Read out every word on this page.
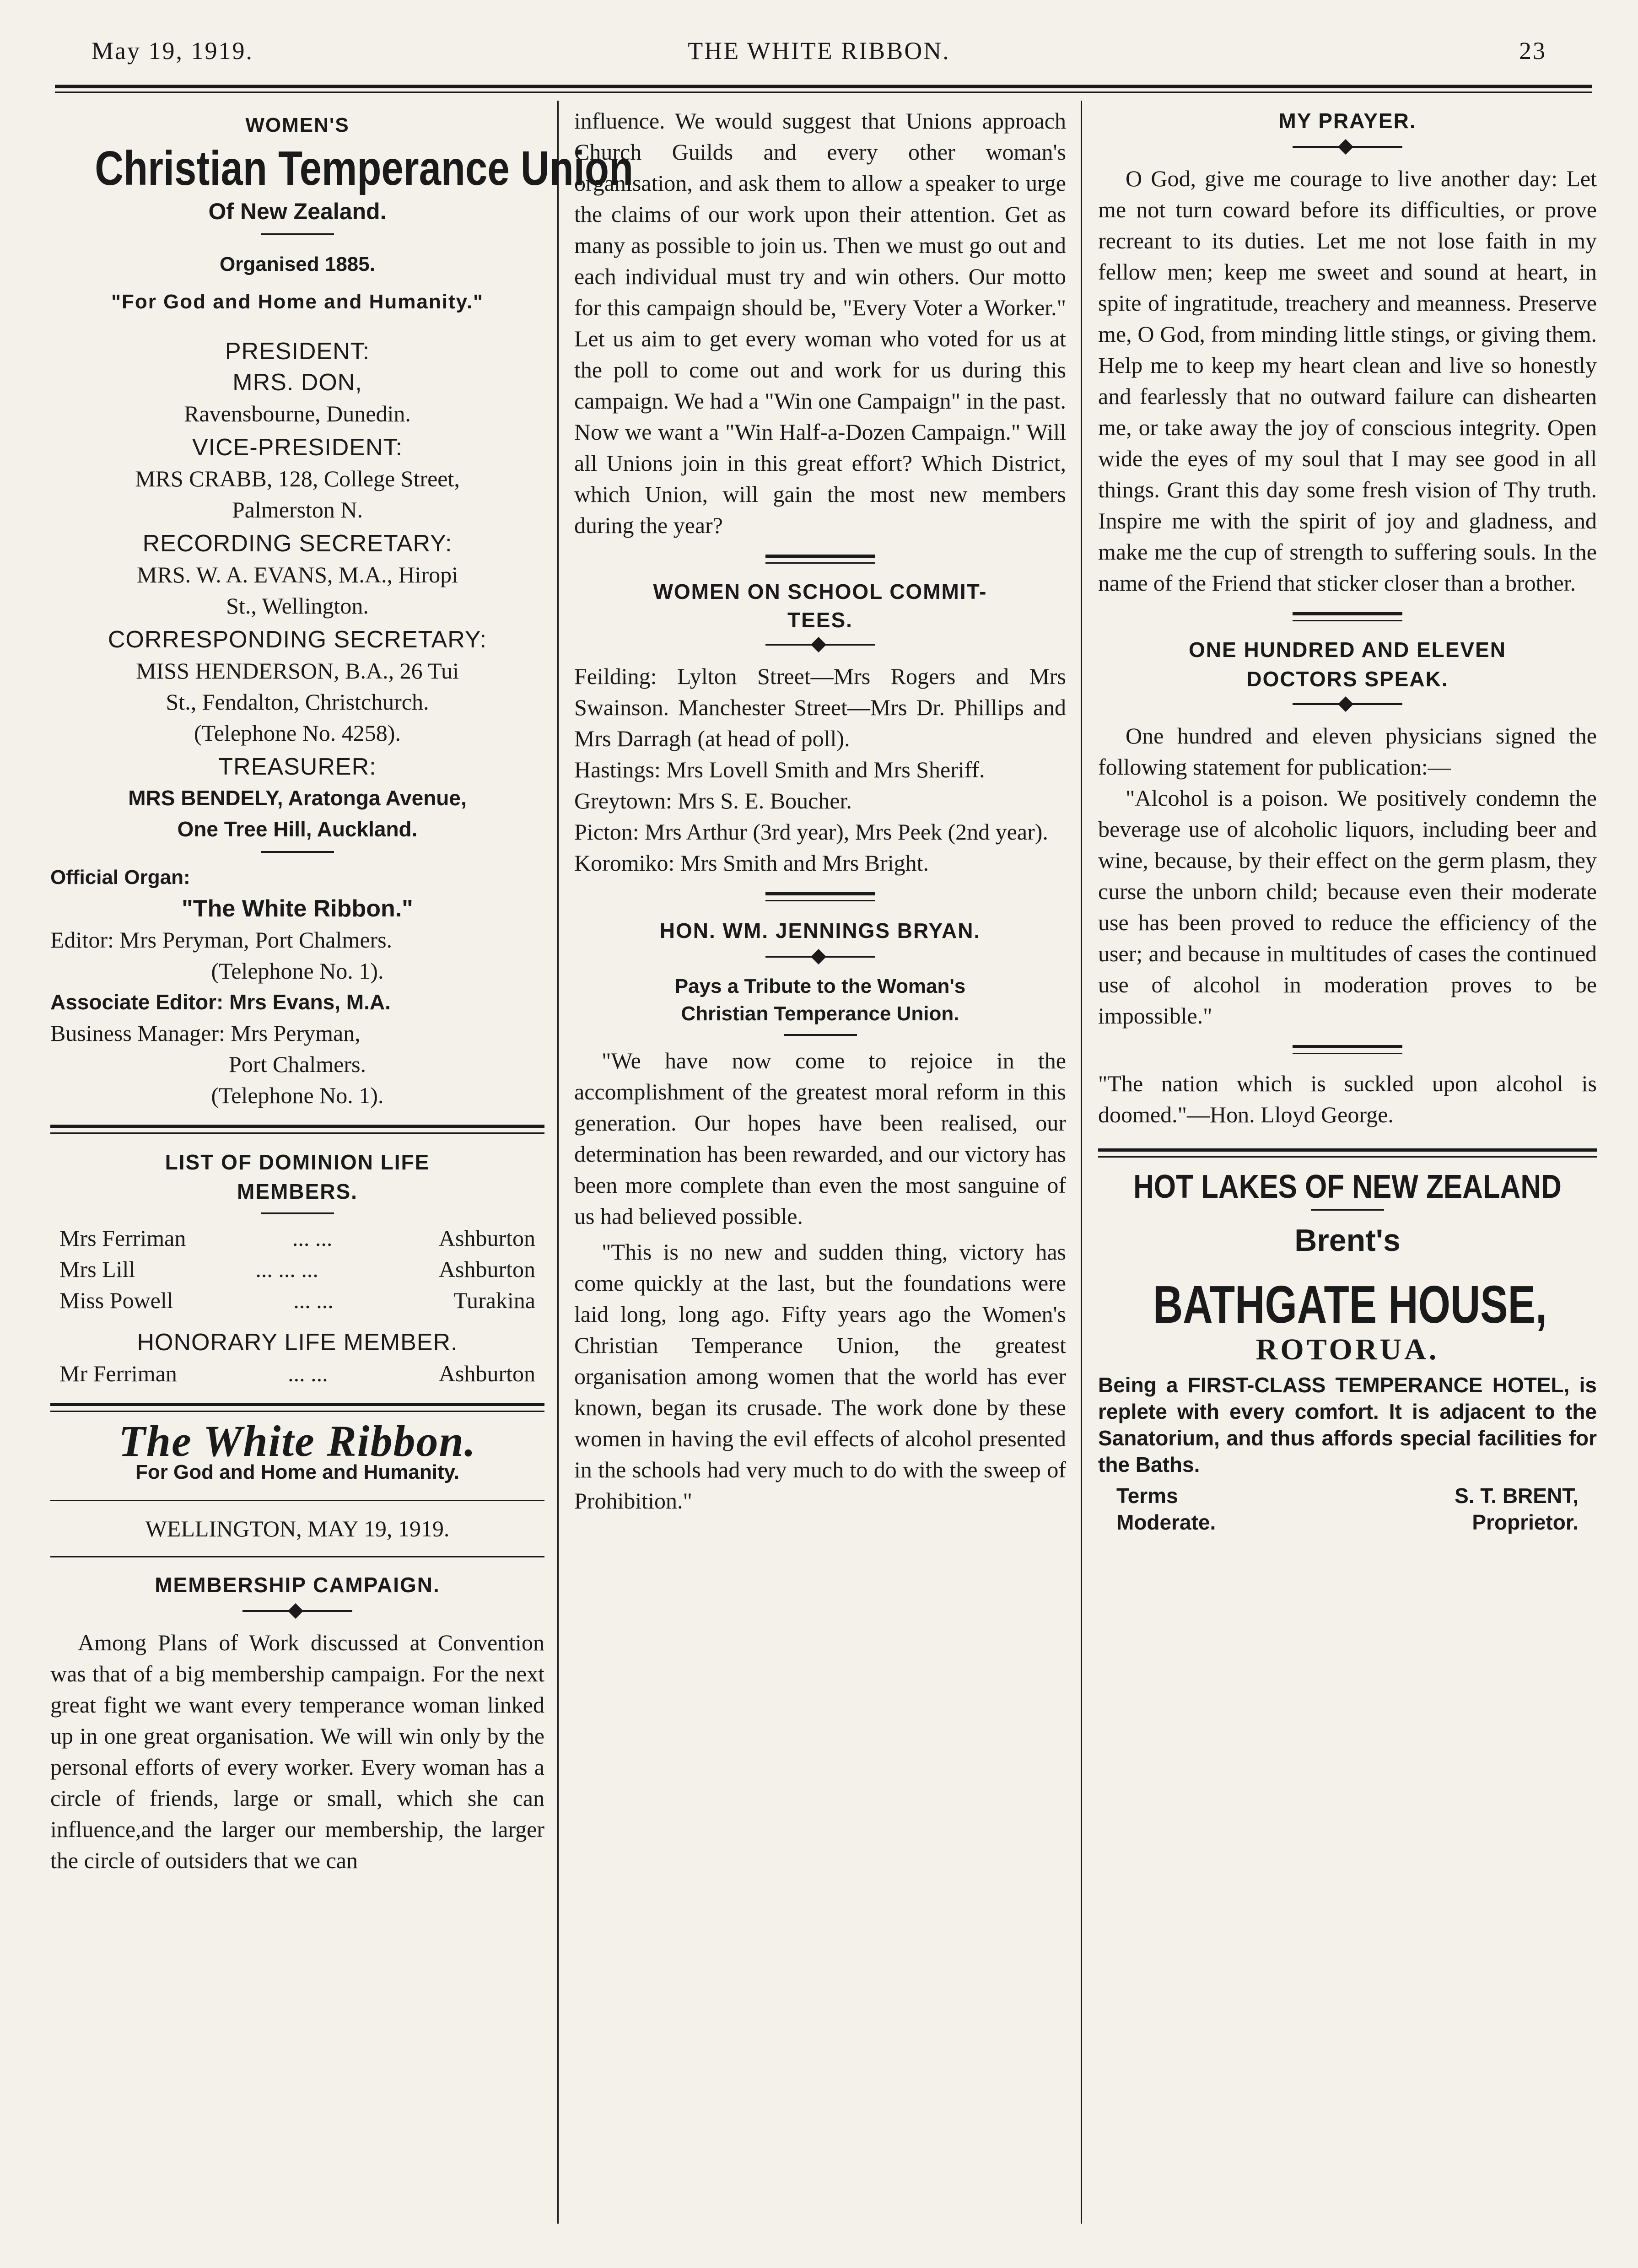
May 19, 1919.	THE WHITE RIBBON.	23
WOMEN'S
Christian Temperance Union
Of New Zealand.
Organised 1885.
"For God and Home and Humanity."
PRESIDENT:
MRS. DON,
Ravensbourne, Dunedin.
VICE-PRESIDENT:
MRS CRABB, 128, College Street,
Palmerston N.
RECORDING SECRETARY:
MRS. W. A. EVANS, M.A., Hiropi
St., Wellington.
CORRESPONDING SECRETARY:
MISS HENDERSON, B.A., 26 Tui
St., Fendalton, Christchurch.
(Telephone No. 4258).
TREASURER:
MRS BENDELY, Aratonga Avenue,
One Tree Hill, Auckland.
Official Organ:
"The White Ribbon."
Editor: Mrs Peryman, Port Chalmers.
(Telephone No. 1).
Associate Editor: Mrs Evans, M.A.
Business Manager: Mrs Peryman,
Port Chalmers.
(Telephone No. 1).
LIST OF DOMINION LIFE
MEMBERS.
Mrs Ferriman	... ...	Ashburton
Mrs Lill	... ... ...	Ashburton
Miss Powell	... ...	Turakina
HONORARY LIFE MEMBER.
Mr Ferriman	... ...	Ashburton
The White Ribbon.
For God and Home and Humanity.
WELLINGTON, MAY 19, 1919.
MEMBERSHIP CAMPAIGN.

Among Plans of Work discussed at Convention was that of a big membership campaign. For the next great fight we want every temperance woman linked up in one great organisation. We will win only by the personal efforts of every worker. Every woman has a circle of friends, large or small, which she can influence,and the larger our membership, the larger the circle of outsiders that we can

influence. We would suggest that Unions approach Church Guilds and every other woman's organisation, and ask them to allow a speaker to urge the claims of our work upon their attention. Get as many as possible to join us. Then we must go out and each individual must try and win others. Our motto for this campaign should be, "Every Voter a Worker." Let us aim to get every woman who voted for us at the poll to come out and work for us during this campaign. We had a "Win one Campaign" in the past. Now we want a "Win Half-a-Dozen Campaign." Will all Unions join in this great effort? Which District, which Union, will gain the most new members during the year?

WOMEN ON SCHOOL COMMIT-
TEES.

Feilding: Lylton Street—Mrs Rogers and Mrs Swainson. Manchester Street—Mrs Dr. Phillips and Mrs Darragh (at head of poll).

Hastings: Mrs Lovell Smith and Mrs Sheriff.

Greytown: Mrs S. E. Boucher.

Picton: Mrs Arthur (3rd year), Mrs Peek (2nd year).

Koromiko: Mrs Smith and Mrs Bright.

HON. WM. JENNINGS BRYAN.
Pays a Tribute to the Woman's
Christian Temperance Union.

"We have now come to rejoice in the accomplishment of the greatest moral reform in this generation. Our hopes have been realised, our determination has been rewarded, and our victory has been more complete than even the most sanguine of us had believed possible.

"This is no new and sudden thing, victory has come quickly at the last, but the foundations were laid long, long ago. Fifty years ago the Women's Christian Temperance Union, the greatest organisation among women that the world has ever known, began its crusade. The work done by these women in having the evil effects of alcohol presented in the schools had very much to do with the sweep of Prohibition."

MY PRAYER.

O God, give me courage to live another day: Let me not turn coward before its difficulties, or prove recreant to its duties. Let me not lose faith in my fellow men; keep me sweet and sound at heart, in spite of ingratitude, treachery and meanness. Preserve me, O God, from minding little stings, or giving them. Help me to keep my heart clean and live so honestly and fearlessly that no outward failure can dishearten me, or take away the joy of conscious integrity. Open wide the eyes of my soul that I may see good in all things. Grant this day some fresh vision of Thy truth. Inspire me with the spirit of joy and gladness, and make me the cup of strength to suffering souls. In the name of the Friend that sticker closer than a brother.

ONE HUNDRED AND ELEVEN
DOCTORS SPEAK.

One hundred and eleven physicians signed the following statement for publication:—

"Alcohol is a poison. We positively condemn the beverage use of alcoholic liquors, including beer and wine, because, by their effect on the germ plasm, they curse the unborn child; because even their moderate use has been proved to reduce the efficiency of the user; and because in multitudes of cases the continued use of alcohol in moderation proves to be impossible."

"The nation which is suckled upon alcohol is doomed."—Hon. Lloyd George.

HOT LAKES OF NEW ZEALAND
Brent's
BATHGATE HOUSE,
ROTORUA.

Being a FIRST-CLASS TEMPERANCE HOTEL, is replete with every comfort. It is adjacent to the Sanatorium, and thus affords special facilities for the Baths.

Terms	S. T. BRENT,
Moderate.	Proprietor.
